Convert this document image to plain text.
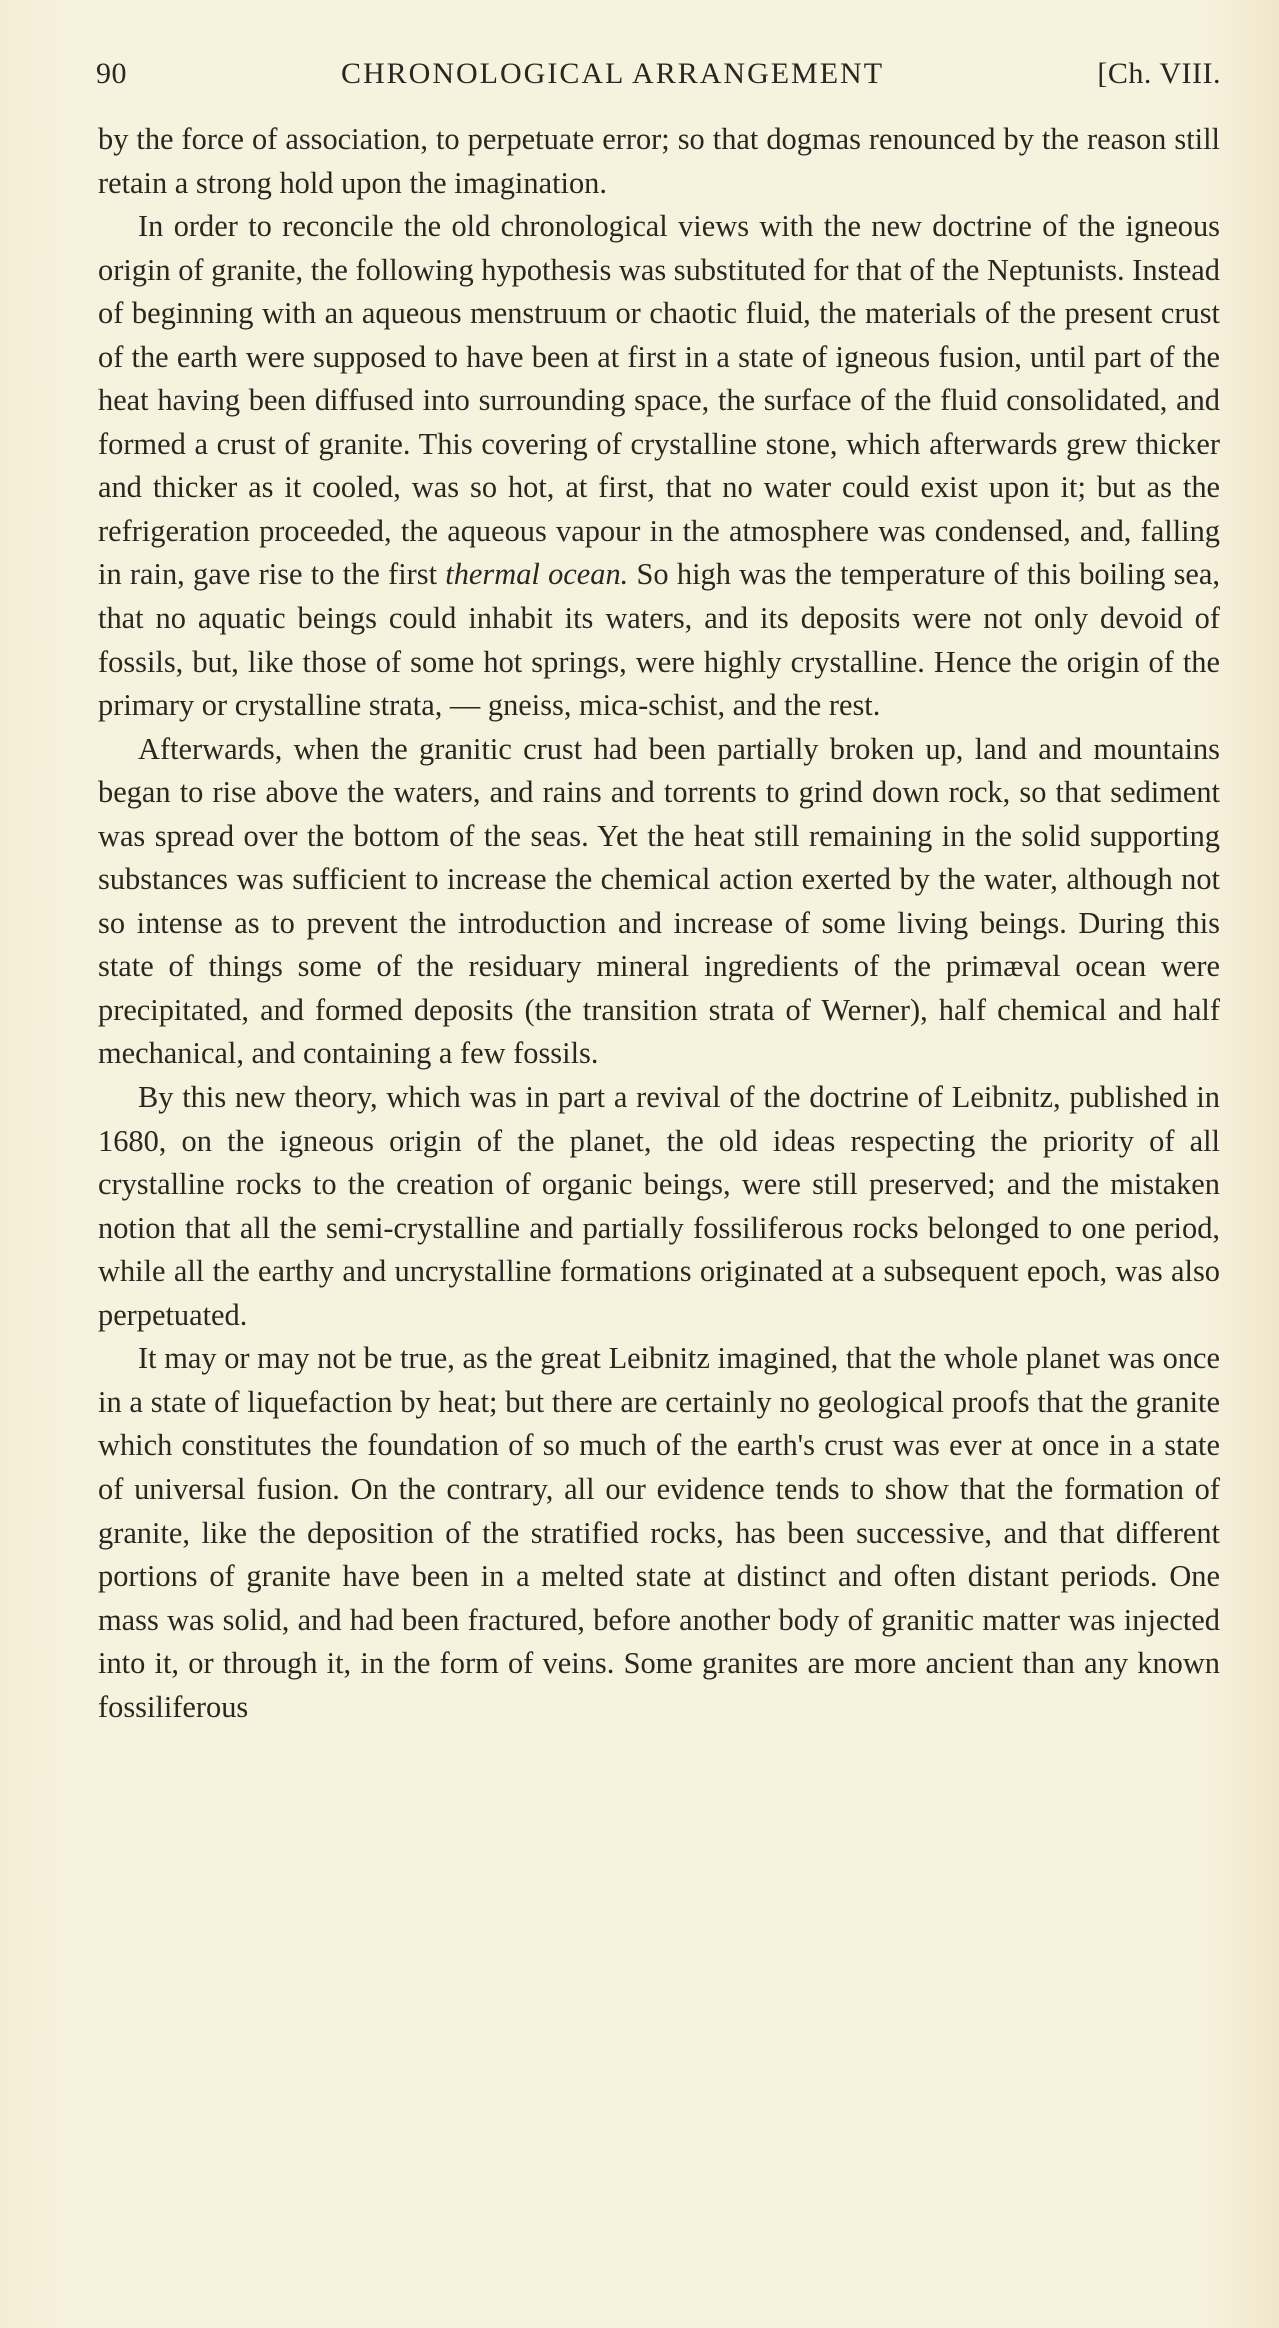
90	CHRONOLOGICAL ARRANGEMENT	[Ch. VIII.

by the force of association, to perpetuate error; so that dogmas renounced by the reason still retain a strong hold upon the imagination.

In order to reconcile the old chronological views with the new doctrine of the igneous origin of granite, the following hypothesis was substituted for that of the Neptunists. Instead of beginning with an aqueous menstruum or chaotic fluid, the materials of the present crust of the earth were supposed to have been at first in a state of igneous fusion, until part of the heat having been diffused into surrounding space, the surface of the fluid consolidated, and formed a crust of granite. This covering of crystalline stone, which afterwards grew thicker and thicker as it cooled, was so hot, at first, that no water could exist upon it; but as the refrigeration proceeded, the aqueous vapour in the atmosphere was condensed, and, falling in rain, gave rise to the first thermal ocean. So high was the temperature of this boiling sea, that no aquatic beings could inhabit its waters, and its deposits were not only devoid of fossils, but, like those of some hot springs, were highly crystalline. Hence the origin of the primary or crystalline strata, — gneiss, mica-schist, and the rest.

Afterwards, when the granitic crust had been partially broken up, land and mountains began to rise above the waters, and rains and torrents to grind down rock, so that sediment was spread over the bottom of the seas. Yet the heat still remaining in the solid supporting substances was sufficient to increase the chemical action exerted by the water, although not so intense as to prevent the introduction and increase of some living beings. During this state of things some of the residuary mineral ingredients of the primæval ocean were precipitated, and formed deposits (the transition strata of Werner), half chemical and half mechanical, and containing a few fossils.

By this new theory, which was in part a revival of the doctrine of Leibnitz, published in 1680, on the igneous origin of the planet, the old ideas respecting the priority of all crystalline rocks to the creation of organic beings, were still preserved; and the mistaken notion that all the semi-crystalline and partially fossiliferous rocks belonged to one period, while all the earthy and uncrystalline formations originated at a subsequent epoch, was also perpetuated.

It may or may not be true, as the great Leibnitz imagined, that the whole planet was once in a state of liquefaction by heat; but there are certainly no geological proofs that the granite which constitutes the foundation of so much of the earth's crust was ever at once in a state of universal fusion. On the contrary, all our evidence tends to show that the formation of granite, like the deposition of the stratified rocks, has been successive, and that different portions of granite have been in a melted state at distinct and often distant periods. One mass was solid, and had been fractured, before another body of granitic matter was injected into it, or through it, in the form of veins. Some granites are more ancient than any known fossiliferous
